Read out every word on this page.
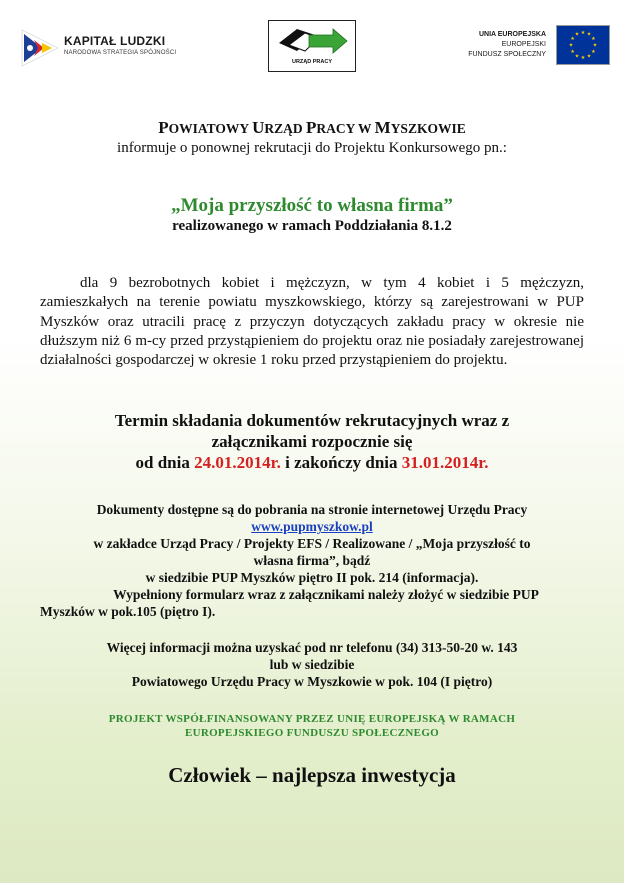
KAPITAŁ LUDZKI
NARODOWA STRATEGIA SPÓJNOŚCI
URZĄD PRACY
UNIA EUROPEJSKA
EUROPEJSKI
FUNDUSZ SPOŁECZNY
★ ★
★
★
★
★
★
★
★
★
★
★
POWIATOWY URZĄD PRACY W MYSZKOWIE
informuje o ponownej rekrutacji do Projektu Konkursowego pn.:
„Moja przyszłość to własna firma”
realizowanego w ramach Poddziałania 8.1.2
dla 9 bezrobotnych kobiet i mężczyzn, w tym 4 kobiet i 5 mężczyzn, zamieszkałych na terenie powiatu myszkowskiego, którzy są zarejestrowani w PUP Myszków oraz utracili pracę z przyczyn dotyczących zakładu pracy w okresie nie dłuższym niż 6 m-cy przed przystąpieniem do projektu oraz nie posiadały zarejestrowanej działalności gospodarczej w okresie 1 roku przed przystąpieniem do projektu.
Termin składania dokumentów rekrutacyjnych wraz z
załącznikami rozpocznie się
od dnia 24.01.2014r. i zakończy dnia 31.01.2014r.
Dokumenty dostępne są do pobrania na stronie internetowej Urzędu Pracy
www.pupmyszkow.pl
w zakładce Urząd Pracy / Projekty EFS / Realizowane / „Moja przyszłość to
własna firma”, bądź
w siedzibie PUP Myszków piętro II pok. 214 (informacja).
Wypełniony formularz wraz z załącznikami należy złożyć w siedzibie PUP
Myszków w pok.105 (piętro I).
Więcej informacji można uzyskać pod nr telefonu (34) 313-50-20 w. 143
lub w siedzibie
Powiatowego Urzędu Pracy w Myszkowie w pok. 104 (I piętro)
PROJEKT WSPÓŁFINANSOWANY PRZEZ UNIĘ EUROPEJSKĄ W RAMACH
EUROPEJSKIEGO FUNDUSZU SPOŁECZNEGO
Człowiek – najlepsza inwestycja
